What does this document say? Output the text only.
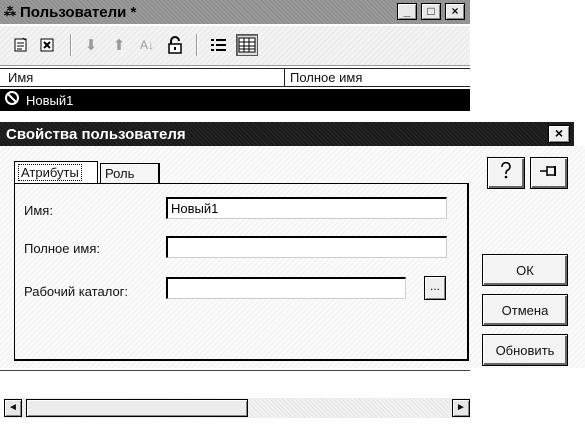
⁂ Пользователи *	_	□	×
⬇	⬆	A↓
Имя	Полное имя
Новый1
◄	►
Свойства пользователя	×
Атрибуты Роль
Имя:
Новый1
Полное имя:
Рабочий каталог:	...
ОК
Отмена
Обновить
